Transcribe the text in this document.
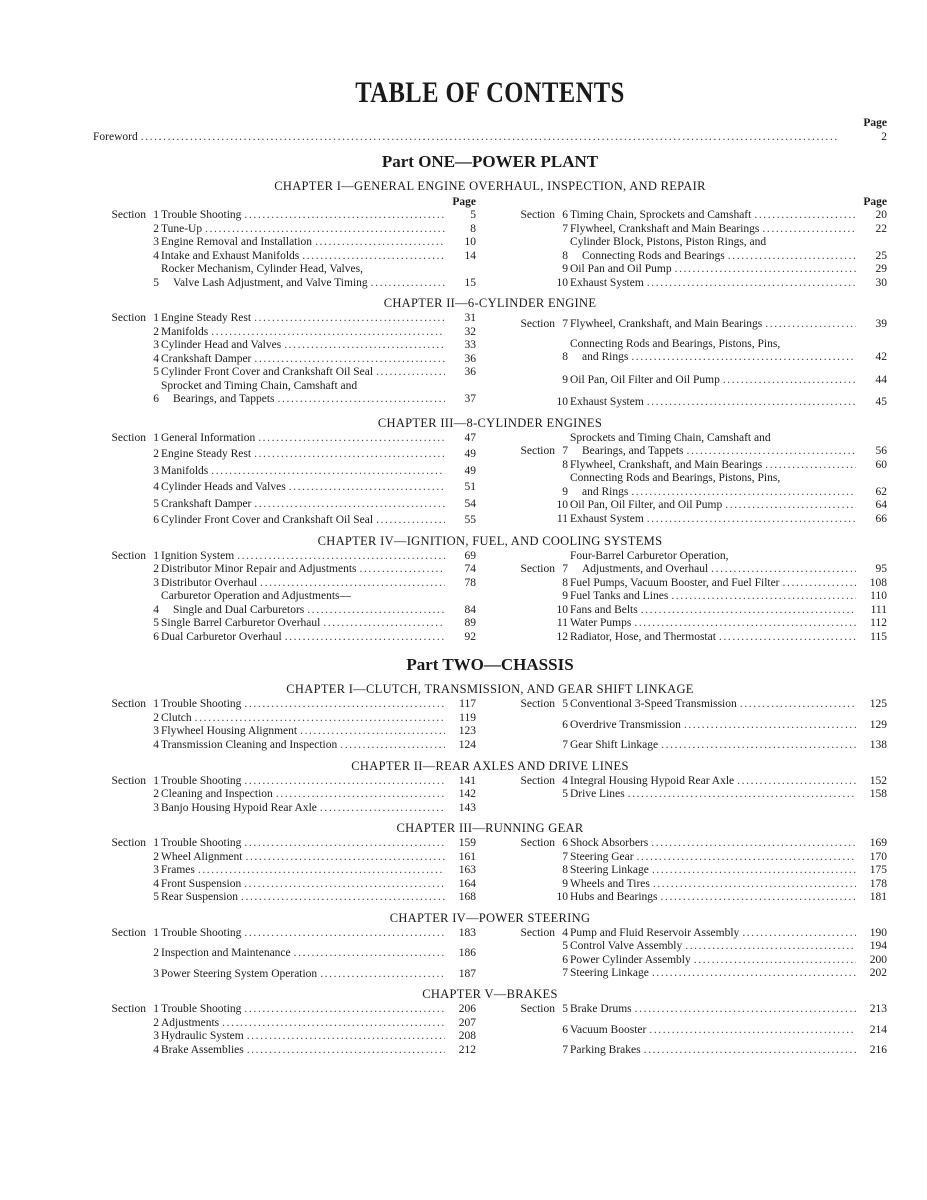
TABLE OF CONTENTS
Page
Foreword .....	2
Part ONE—POWER PLANT
CHAPTER I—GENERAL ENGINE OVERHAUL, INSPECTION, AND REPAIR
Page	Page
Section 1 Trouble Shooting .....	5
2 Tune-Up .....	8
3 Engine Removal and Installation .....	10
4 Intake and Exhaust Manifolds .....	14
5
Rocker Mechanism, Cylinder Head, Valves,
Valve Lash Adjustment, and Valve Timing .....	15
Section 6 Timing Chain, Sprockets and Camshaft .....	20
7 Flywheel, Crankshaft and Main Bearings .....	22
8
Cylinder Block, Pistons, Piston Rings, and
Connecting Rods and Bearings .....	25
9 Oil Pan and Oil Pump .....	29
10 Exhaust System .....	30
CHAPTER II—6-CYLINDER ENGINE
Section 1 Engine Steady Rest .....	31
2 Manifolds .....	32
3 Cylinder Head and Valves .....	33
4 Crankshaft Damper .....	36
5 Cylinder Front Cover and Crankshaft Oil Seal .....	36
6
Sprocket and Timing Chain, Camshaft and
Bearings, and Tappets .....	37
Section 7 Flywheel, Crankshaft, and Main Bearings .....	39
8
Connecting Rods and Bearings, Pistons, Pins,
and Rings .....	42
9 Oil Pan, Oil Filter and Oil Pump .....	44
10 Exhaust System .....	45
CHAPTER III—8-CYLINDER ENGINES
Section 1 General Information .....	47
2 Engine Steady Rest .....	49
3 Manifolds .....	49
4 Cylinder Heads and Valves .....	51
5 Crankshaft Damper .....	54
6 Cylinder Front Cover and Crankshaft Oil Seal .....	55
Section 7
Sprockets and Timing Chain, Camshaft and
Bearings, and Tappets .....	56
8 Flywheel, Crankshaft, and Main Bearings .....	60
9
Connecting Rods and Bearings, Pistons, Pins,
and Rings .....	62
10 Oil Pan, Oil Filter, and Oil Pump .....	64
11 Exhaust System .....	66
CHAPTER IV—IGNITION, FUEL, AND COOLING SYSTEMS
Section 1 Ignition System .....	69
2 Distributor Minor Repair and Adjustments .....	74
3 Distributor Overhaul .....	78
4
Carburetor Operation and Adjustments—
Single and Dual Carburetors .....	84
5 Single Barrel Carburetor Overhaul .....	89
6 Dual Carburetor Overhaul .....	92
Section 7
Four-Barrel Carburetor Operation,
Adjustments, and Overhaul .....	95
8 Fuel Pumps, Vacuum Booster, and Fuel Filter .....	108
9 Fuel Tanks and Lines .....	110
10 Fans and Belts .....	111
11 Water Pumps .....	112
12 Radiator, Hose, and Thermostat .....	115
Part TWO—CHASSIS
CHAPTER I—CLUTCH, TRANSMISSION, AND GEAR SHIFT LINKAGE
Section 1 Trouble Shooting .....	117
2 Clutch .....	119
3 Flywheel Housing Alignment .....	123
4 Transmission Cleaning and Inspection .....	124
Section 5 Conventional 3-Speed Transmission .....	125
6 Overdrive Transmission .....	129
7 Gear Shift Linkage .....	138
CHAPTER II—REAR AXLES AND DRIVE LINES
Section 1 Trouble Shooting .....	141
2 Cleaning and Inspection .....	142
3 Banjo Housing Hypoid Rear Axle .....	143
Section 4 Integral Housing Hypoid Rear Axle .....	152
5 Drive Lines .....	158
CHAPTER III—RUNNING GEAR
Section 1 Trouble Shooting .....	159
2 Wheel Alignment .....	161
3 Frames .....	163
4 Front Suspension .....	164
5 Rear Suspension .....	168
Section 6 Shock Absorbers .....	169
7 Steering Gear .....	170
8 Steering Linkage .....	175
9 Wheels and Tires .....	178
10 Hubs and Bearings .....	181
CHAPTER IV—POWER STEERING
Section 1 Trouble Shooting .....	183
2 Inspection and Maintenance .....	186
3 Power Steering System Operation .....	187
Section 4 Pump and Fluid Reservoir Assembly .....	190
5 Control Valve Assembly .....	194
6 Power Cylinder Assembly .....	200
7 Steering Linkage .....	202
CHAPTER V—BRAKES
Section 1 Trouble Shooting .....	206
2 Adjustments .....	207
3 Hydraulic System .....	208
4 Brake Assemblies .....	212
Section 5 Brake Drums .....	213
6 Vacuum Booster .....	214
7 Parking Brakes .....	216
